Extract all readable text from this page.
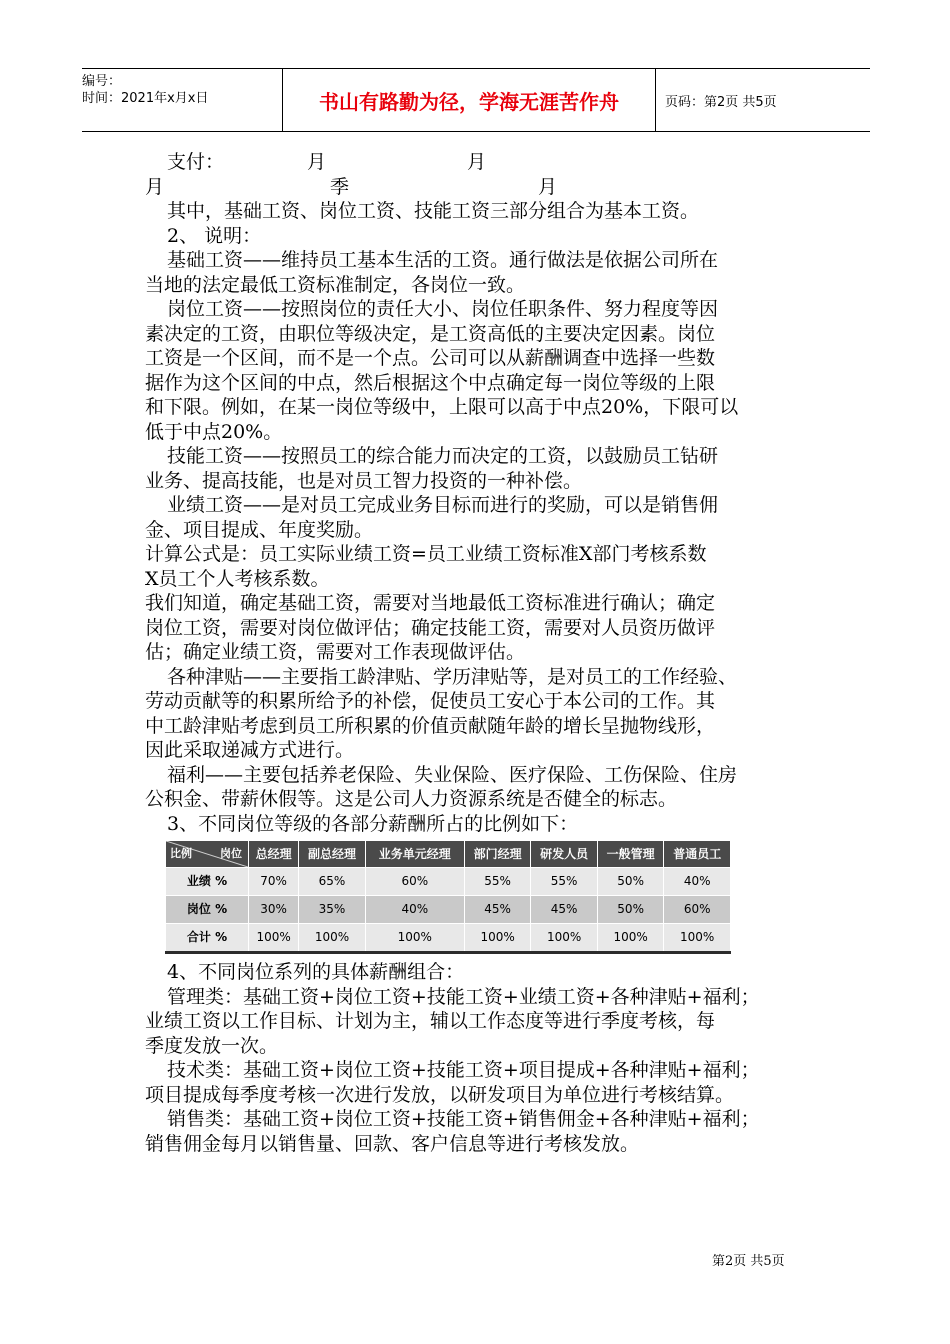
编号：
时间：2021年x月x日	书山有路勤为径，学海无涯苦作舟	页码：第2页 共5页

支付：	月	月

月	季	月

其中，基础工资、岗位工资、技能工资三部分组合为基本工资。

2、 说明：

基础工资——维持员工基本生活的工资。通行做法是依据公司所在

当地的法定最低工资标准制定，各岗位一致。

岗位工资——按照岗位的责任大小、岗位任职条件、努力程度等因

素决定的工资，由职位等级决定，是工资高低的主要决定因素。岗位

工资是一个区间，而不是一个点。公司可以从薪酬调查中选择一些数

据作为这个区间的中点，然后根据这个中点确定每一岗位等级的上限

和下限。例如，在某一岗位等级中，上限可以高于中点20%，下限可以

低于中点20%。

技能工资——按照员工的综合能力而决定的工资，以鼓励员工钻研

业务、提高技能，也是对员工智力投资的一种补偿。

业绩工资——是对员工完成业务目标而进行的奖励，可以是销售佣

金、项目提成、年度奖励。

计算公式是：员工实际业绩工资=员工业绩工资标准X部门考核系数

X员工个人考核系数。

我们知道，确定基础工资，需要对当地最低工资标准进行确认；确定

岗位工资，需要对岗位做评估；确定技能工资，需要对人员资历做评

估；确定业绩工资，需要对工作表现做评估。

各种津贴——主要指工龄津贴、学历津贴等，是对员工的工作经验、

劳动贡献等的积累所给予的补偿，促使员工安心于本公司的工作。其

中工龄津贴考虑到员工所积累的价值贡献随年龄的增长呈抛物线形，

因此采取递减方式进行。

福利——主要包括养老保险、失业保险、医疗保险、工伤保险、住房

公积金、带薪休假等。这是公司人力资源系统是否健全的标志。

3、不同岗位等级的各部分薪酬所占的比例如下：

岗位
比例	总经理	副总经理	业务单元经理	部门经理	研发人员	一般管理	普通员工
业绩 %	70%	65%	60%	55%	55%	50%	40%
岗位 %	30%	35%	40%	45%	45%	50%	60%
合计 %	100%	100%	100%	100%	100%	100%	100%

4、不同岗位系列的具体薪酬组合：

管理类：基础工资+岗位工资+技能工资+业绩工资+各种津贴+福利；

业绩工资以工作目标、计划为主，辅以工作态度等进行季度考核，每

季度发放一次。

技术类：基础工资+岗位工资+技能工资+项目提成+各种津贴+福利；

项目提成每季度考核一次进行发放，以研发项目为单位进行考核结算。

销售类：基础工资+岗位工资+技能工资+销售佣金+各种津贴+福利；

销售佣金每月以销售量、回款、客户信息等进行考核发放。

第2页 共5页
